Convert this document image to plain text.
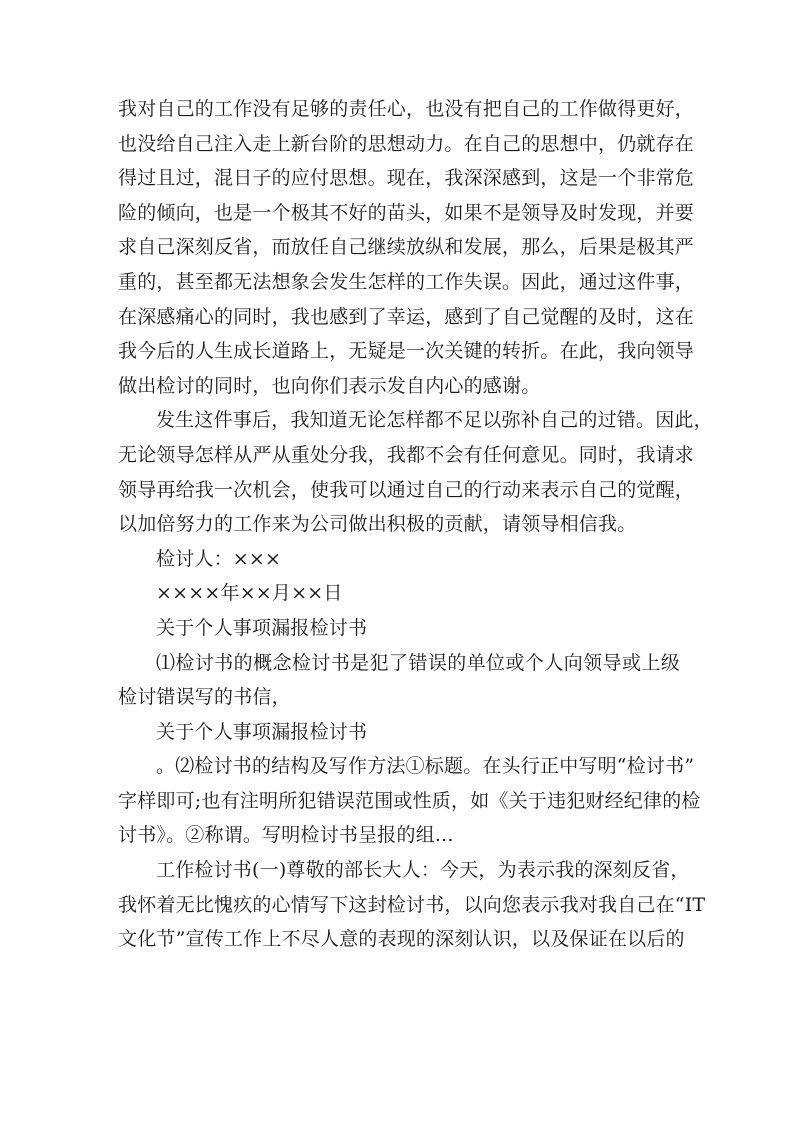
我对自己的工作没有足够的责任心，也没有把自己的工作做得更好，
也没给自己注入走上新台阶的思想动力。在自己的思想中，仍就存在
得过且过，混日子的应付思想。现在，我深深感到，这是一个非常危
险的倾向，也是一个极其不好的苗头，如果不是领导及时发现，并要
求自己深刻反省，而放任自己继续放纵和发展，那么，后果是极其严
重的，甚至都无法想象会发生怎样的工作失误。因此，通过这件事，
在深感痛心的同时，我也感到了幸运，感到了自己觉醒的及时，这在
我今后的人生成长道路上，无疑是一次关键的转折。在此，我向领导
做出检讨的同时，也向你们表示发自内心的感谢。
发生这件事后，我知道无论怎样都不足以弥补自己的过错。因此，
无论领导怎样从严从重处分我，我都不会有任何意见。同时，我请求
领导再给我一次机会，使我可以通过自己的行动来表示自己的觉醒，
以加倍努力的工作来为公司做出积极的贡献，请领导相信我。
检讨人：×××
××××年××月××日
关于个人事项漏报检讨书
⑴检讨书的概念检讨书是犯了错误的单位或个人向领导或上级
检讨错误写的书信，
关于个人事项漏报检讨书
。⑵检讨书的结构及写作方法①标题。在头行正中写明“检讨书”
字样即可;也有注明所犯错误范围或性质，如《关于违犯财经纪律的检
讨书》。②称谓。写明检讨书呈报的组...
工作检讨书(一)尊敬的部长大人：今天，为表示我的深刻反省，
我怀着无比愧疚的心情写下这封检讨书，以向您表示我对我自己在“IT
文化节”宣传工作上不尽人意的表现的深刻认识，以及保证在以后的
